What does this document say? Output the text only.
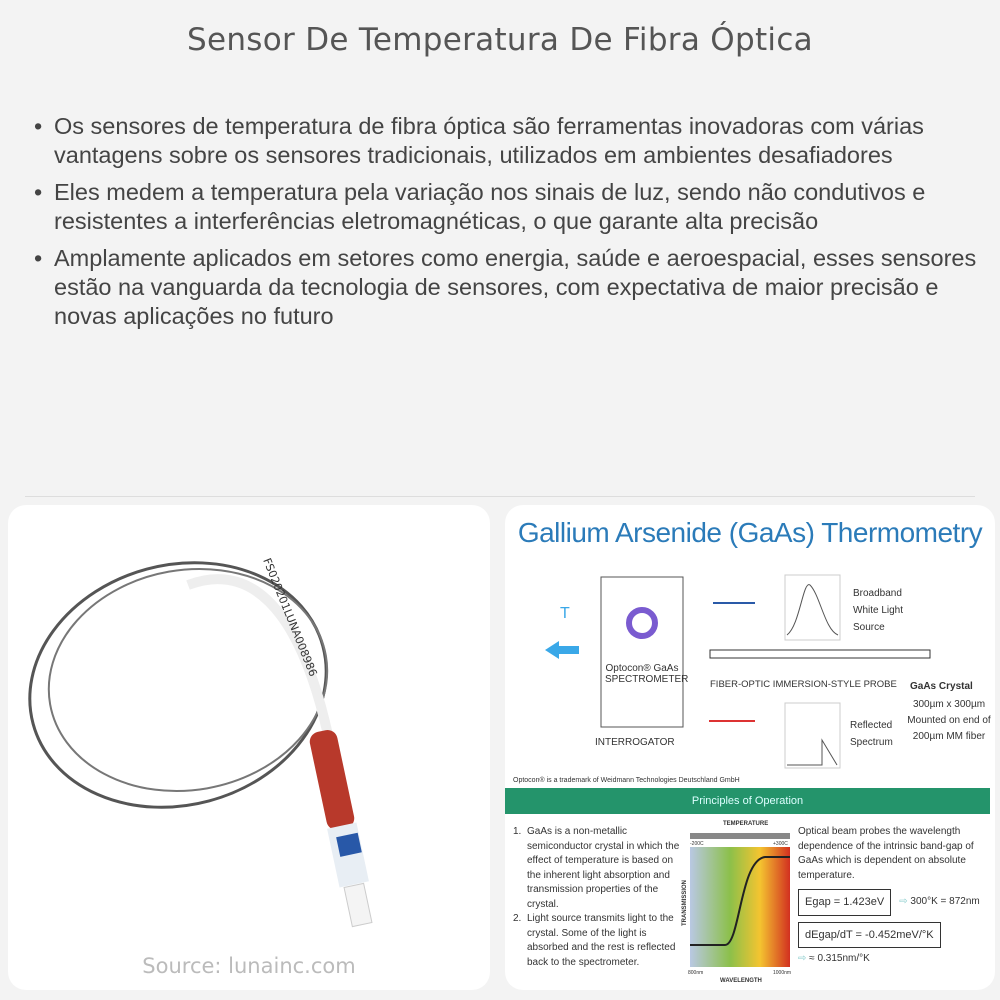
Sensor De Temperatura De Fibra Óptica
• Os sensores de temperatura de fibra óptica são ferramentas inovadoras com várias vantagens sobre os sensores tradicionais, utilizados em ambientes desafiadores
• Eles medem a temperatura pela variação nos sinais de luz, sendo não condutivos e resistentes a interferências eletromagnéticas, o que garante alta precisão
• Amplamente aplicados em setores como energia, saúde e aeroespacial, esses sensores estão na vanguarda da tecnologia de sensores, com expectativa de maior precisão e novas aplicações no futuro
FS020201LUNA008986
Source: lunainc.com
Gallium Arsenide (GaAs) Thermometry
T
Optocon® GaAs SPECTROMETER
INTERROGATOR
Broadband White Light Source
FIBER-OPTIC IMMERSION-STYLE PROBE GaAs Crystal
300µm x 300µm Mounted on end of 200µm MM fiber
Reflected Spectrum
Optocon® is a trademark of Weidmann Technologies Deutschland GmbH
Principles of Operation
1. GaAs is a non-metallic semiconductor crystal in which the effect of temperature is based on the inherent light absorption and transmission properties of the crystal.
2. Light source transmits light to the crystal. Some of the light is absorbed and the rest is reflected back to the spectrometer.
TEMPERATURE
-200C	+300C
TRANSMISSION
800nm	1000nm
WAVELENGTH
Optical beam probes the wavelength dependence of the intrinsic band-gap of GaAs which is dependent on absolute temperature.
Egap = 1.423eV	⇨ 300°K = 872nm
dEgap/dT = -0.452meV/°K
⇨ ≈ 0.315nm/°K
